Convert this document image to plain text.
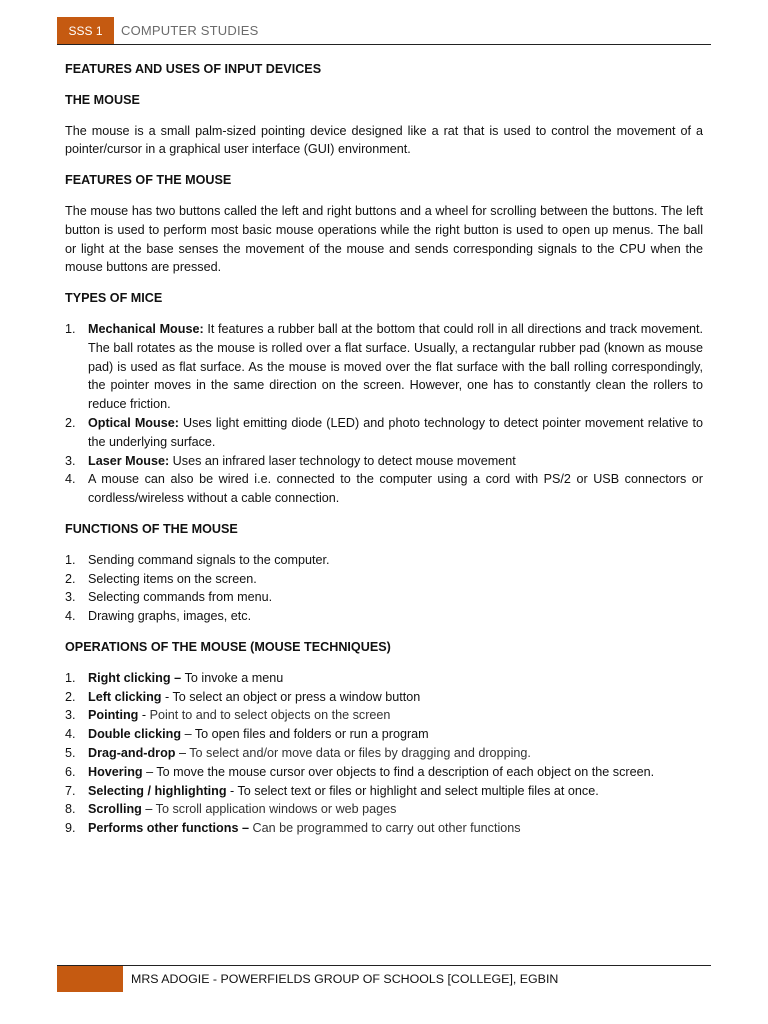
SSS 1	COMPUTER STUDIES
FEATURES AND USES OF INPUT DEVICES
THE MOUSE

The mouse is a small palm-sized pointing device designed like a rat that is used to control the movement of a pointer/cursor in a graphical user interface (GUI) environment.

FEATURES OF THE MOUSE

The mouse has two buttons called the left and right buttons and a wheel for scrolling between the buttons. The left button is used to perform most basic mouse operations while the right button is used to open up menus. The ball or light at the base senses the movement of the mouse and sends corresponding signals to the CPU when the mouse buttons are pressed.

TYPES OF MICE
1. Mechanical Mouse: It features a rubber ball at the bottom that could roll in all directions and track movement. The ball rotates as the mouse is rolled over a flat surface. Usually, a rectangular rubber pad (known as mouse pad) is used as flat surface. As the mouse is moved over the flat surface with the ball rolling correspondingly, the pointer moves in the same direction on the screen. However, one has to constantly clean the rollers to reduce friction.
2. Optical Mouse: Uses light emitting diode (LED) and photo technology to detect pointer movement relative to the underlying surface.
3. Laser Mouse: Uses an infrared laser technology to detect mouse movement
4. A mouse can also be wired i.e. connected to the computer using a cord with PS/2 or USB connectors or cordless/wireless without a cable connection.
FUNCTIONS OF THE MOUSE
1. Sending command signals to the computer.
2. Selecting items on the screen.
3. Selecting commands from menu.
4. Drawing graphs, images, etc.
OPERATIONS OF THE MOUSE (MOUSE TECHNIQUES)
1. Right clicking – To invoke a menu
2. Left clicking - To select an object or press a window button
3. Pointing - Point to and to select objects on the screen
4. Double clicking – To open files and folders or run a program
5. Drag-and-drop – To select and/or move data or files by dragging and dropping.
6. Hovering – To move the mouse cursor over objects to find a description of each object on the screen.
7. Selecting / highlighting - To select text or files or highlight and select multiple files at once.
8. Scrolling – To scroll application windows or web pages
9. Performs other functions – Can be programmed to carry out other functions
MRS ADOGIE - POWERFIELDS GROUP OF SCHOOLS [COLLEGE], EGBIN
